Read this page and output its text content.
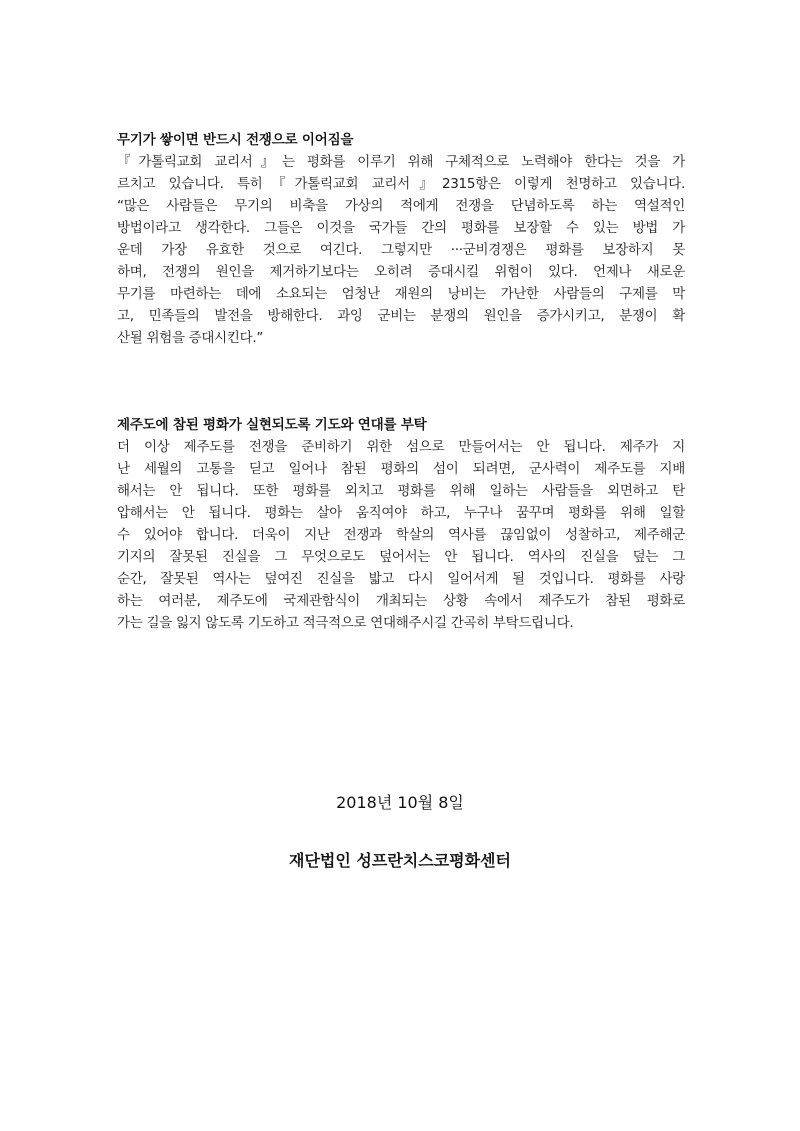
무기가 쌓이면 반드시 전쟁으로 이어짐을
『가톨릭교회 교리서』는 평화를 이루기 위해 구체적으로 노력해야 한다는 것을 가
르치고 있습니다. 특히『가톨릭교회 교리서』2315항은 이렇게 천명하고 있습니다.
“많은 사람들은 무기의 비축을 가상의 적에게 전쟁을 단념하도록 하는 역설적인
방법이라고 생각한다. 그들은 이것을 국가들 간의 평화를 보장할 수 있는 방법 가
운데 가장 유효한 것으로 여긴다. 그렇지만 ···군비경쟁은 평화를 보장하지 못
하며, 전쟁의 원인을 제거하기보다는 오히려 증대시킬 위험이 있다. 언제나 새로운
무기를 마련하는 데에 소요되는 엄청난 재원의 낭비는 가난한 사람들의 구제를 막
고, 민족들의 발전을 방해한다. 과잉 군비는 분쟁의 원인을 증가시키고, 분쟁이 확
산될 위험을 증대시킨다.”
제주도에 참된 평화가 실현되도록 기도와 연대를 부탁
더 이상 제주도를 전쟁을 준비하기 위한 섬으로 만들어서는 안 됩니다. 제주가 지
난 세월의 고통을 딛고 일어나 참된 평화의 섬이 되려면, 군사력이 제주도를 지배
해서는 안 됩니다. 또한 평화를 외치고 평화를 위해 일하는 사람들을 외면하고 탄
압해서는 안 됩니다. 평화는 살아 움직여야 하고, 누구나 꿈꾸며 평화를 위해 일할
수 있어야 합니다. 더욱이 지난 전쟁과 학살의 역사를 끊임없이 성찰하고, 제주해군
기지의 잘못된 진실을 그 무엇으로도 덮어서는 안 됩니다. 역사의 진실을 덮는 그
순간, 잘못된 역사는 덮여진 진실을 밟고 다시 일어서게 될 것입니다. 평화를 사랑
하는 여러분, 제주도에 국제관함식이 개최되는 상황 속에서 제주도가 참된 평화로
가는 길을 잃지 않도록 기도하고 적극적으로 연대해주시길 간곡히 부탁드립니다.
2018년 10월 8일
재단법인 성프란치스코평화센터
